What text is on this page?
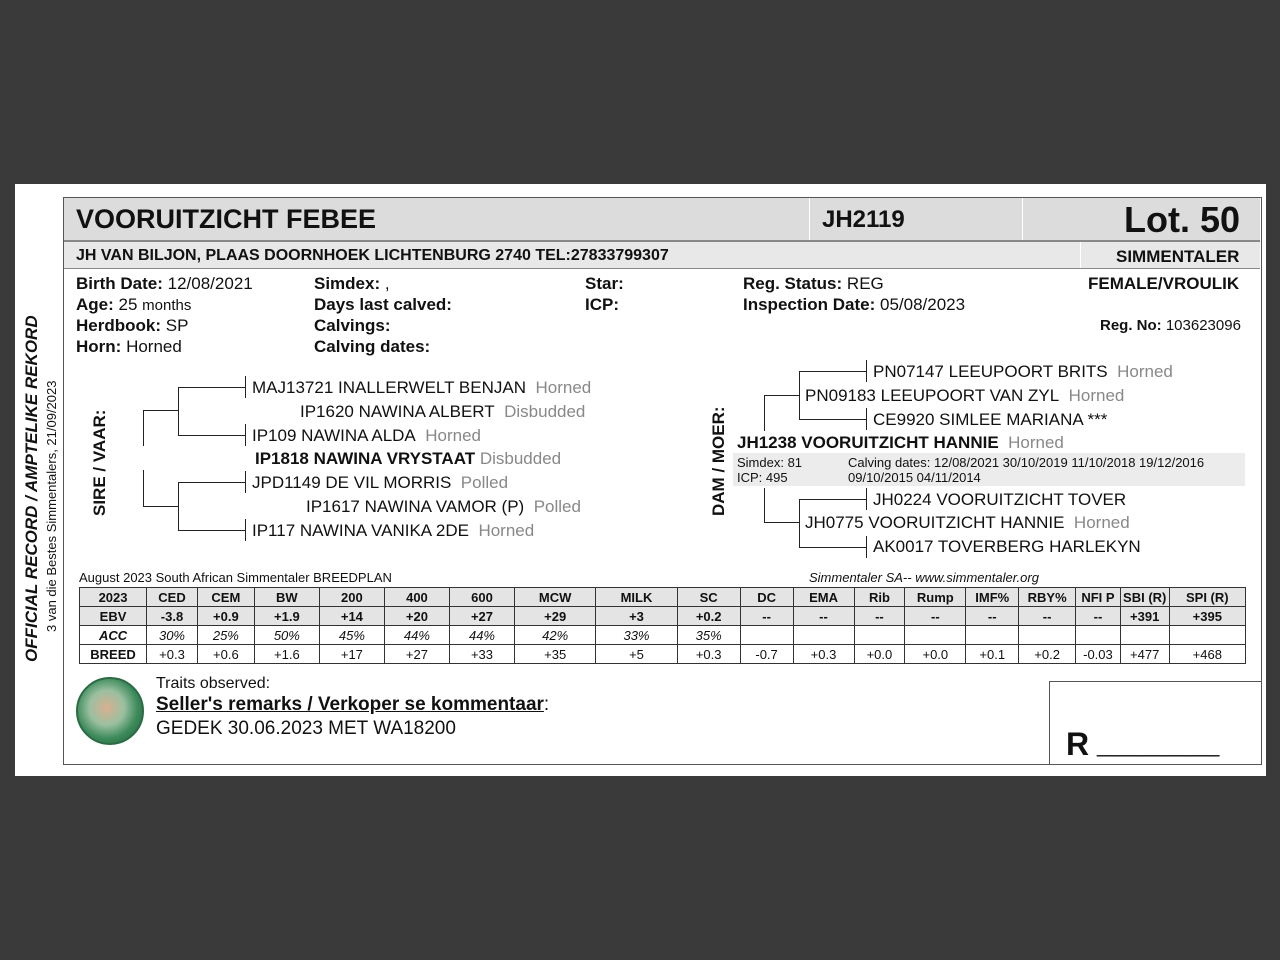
OFFICIAL RECORD / AMPTELIKE REKORD 3 van die Bestes Simmentalers, 21/09/2023
VOORUITZICHT FEBEE	JH2119	Lot. 50
JH VAN BILJON, PLAAS DOORNHOEK LICHTENBURG 2740 TEL:27833799307	SIMMENTALER
Birth Date: 12/08/2021
Age: 25 months
Herdbook: SP
Horn: Horned
Simdex: ,
Days last calved:
Calvings:
Calving dates:
Star:
ICP:
Reg. Status: REG
Inspection Date: 05/08/2023
FEMALE/VROULIK
Reg. No: 103623096
SIRE / VAAR:
MAJ13721 INALLERWELT BENJAN Horned
IP1620 NAWINA ALBERT Disbudded
IP109 NAWINA ALDA Horned
IP1818 NAWINA VRYSTAAT Disbudded
JPD1149 DE VIL MORRIS Polled
IP1617 NAWINA VAMOR (P) Polled
IP117 NAWINA VANIKA 2DE Horned
DAM / MOER:
PN07147 LEEUPOORT BRITS Horned
PN09183 LEEUPOORT VAN ZYL Horned
CE9920 SIMLEE MARIANA ***
JH1238 VOORUITZICHT HANNIE Horned
Simdex: 81
ICP: 495
Calving dates: 12/08/2021 30/10/2019 11/10/2018 19/12/2016
09/10/2015 04/11/2014
JH0224 VOORUITZICHT TOVER
JH0775 VOORUITZICHT HANNIE Horned
AK0017 TOVERBERG HARLEKYN
August 2023 South African Simmentaler BREEDPLAN	Simmentaler SA-- www.simmentaler.org
2023	CED	CEM	BW	200	400	600	MCW	MILK	SC	DC	EMA	Rib	Rump	IMF%	RBY%	NFI P	SBI (R)	SPI (R)
EBV	-3.8	+0.9	+1.9	+14	+20	+27	+29	+3	+0.2	--	--	--	--	--	--	--	+391	+395
ACC	30%	25%	50%	45%	44%	44%	42%	33%	35%									
BREED	+0.3	+0.6	+1.6	+17	+27	+33	+35	+5	+0.3	-0.7	+0.3	+0.0	+0.0	+0.1	+0.2	-0.03	+477	+468
Traits observed:
Seller's remarks / Verkoper se kommentaar:
GEDEK 30.06.2023 MET WA18200	R __________
